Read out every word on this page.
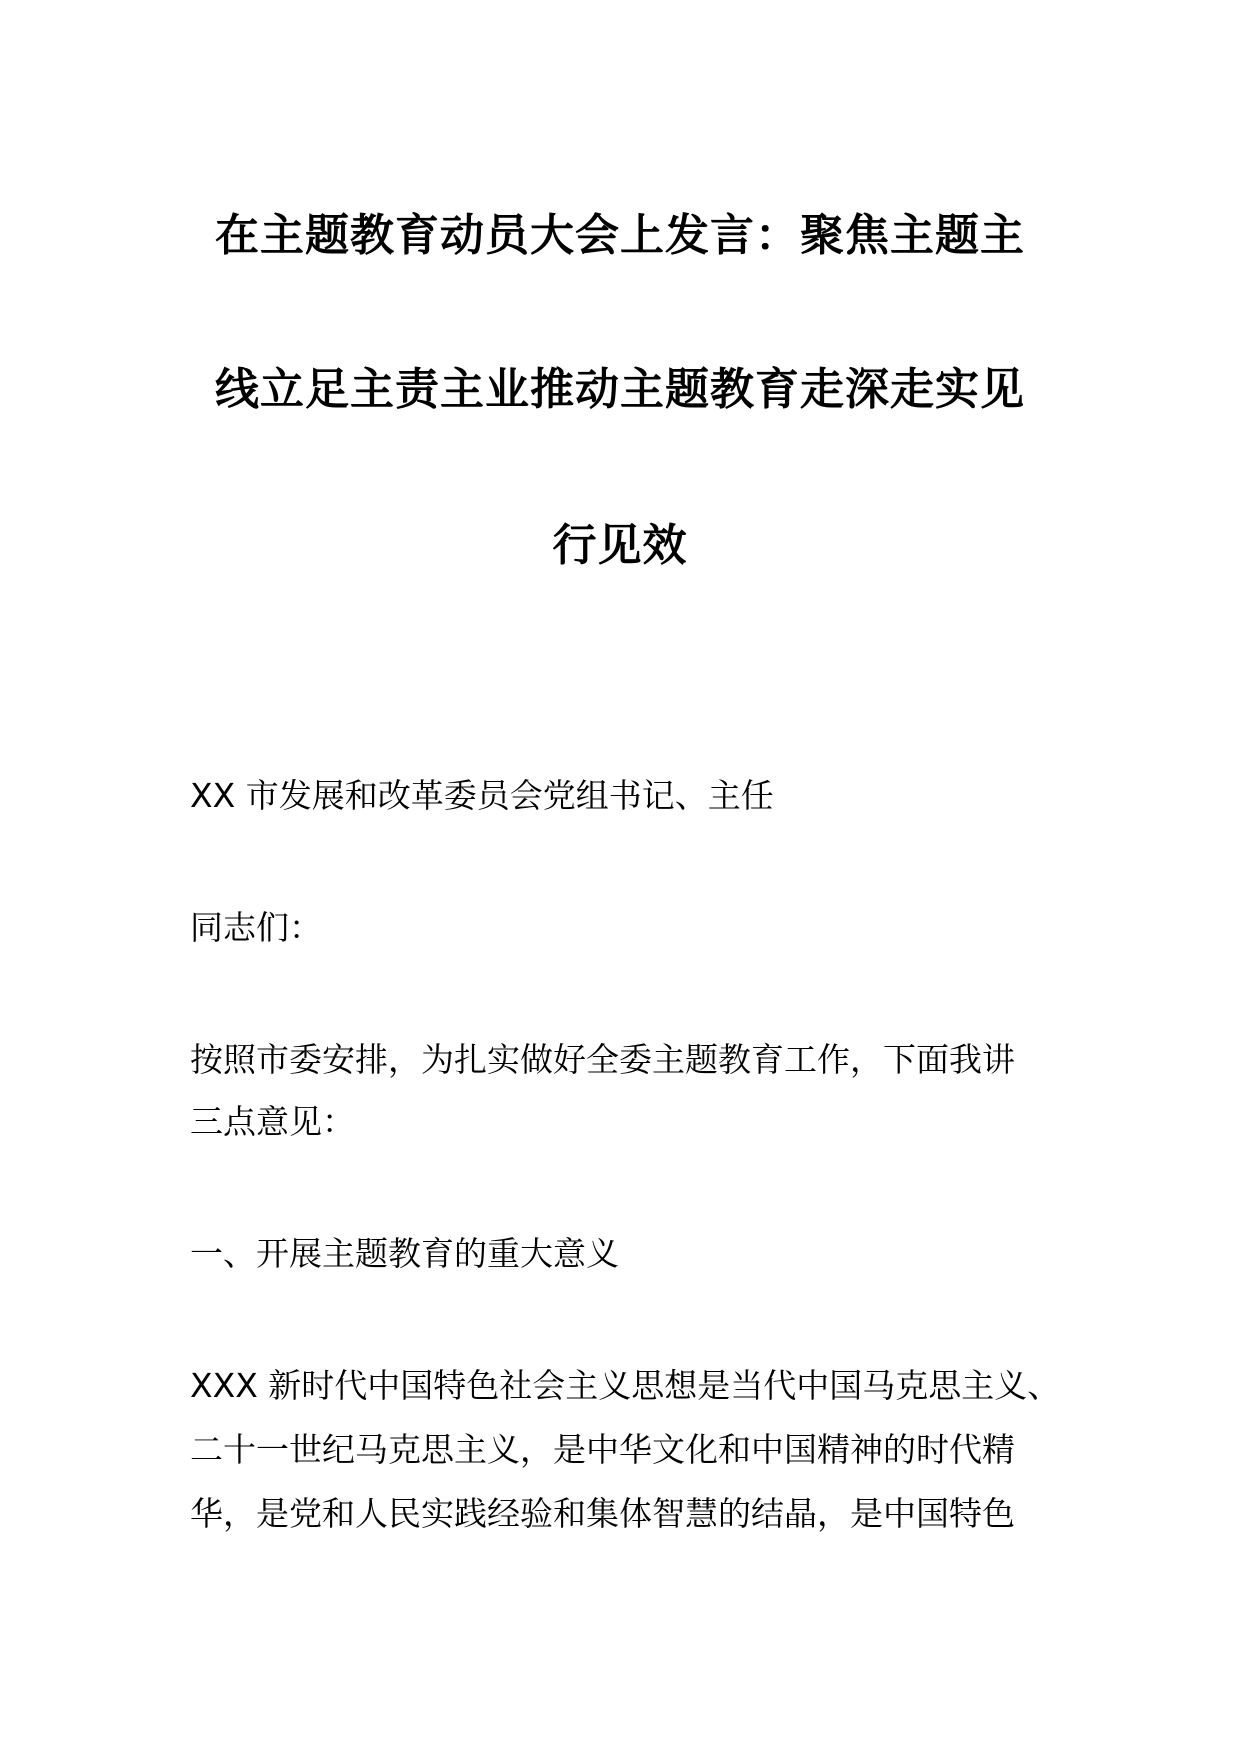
在主题教育动员大会上发言：聚焦主题主
线立足主责主业推动主题教育走深走实见
行见效
XX 市发展和改革委员会党组书记、主任
同志们：
按照市委安排，为扎实做好全委主题教育工作，下面我讲
三点意见：
一、开展主题教育的重大意义
XXX 新时代中国特色社会主义思想是当代中国马克思主义、
二十一世纪马克思主义，是中华文化和中国精神的时代精
华，是党和人民实践经验和集体智慧的结晶，是中国特色
